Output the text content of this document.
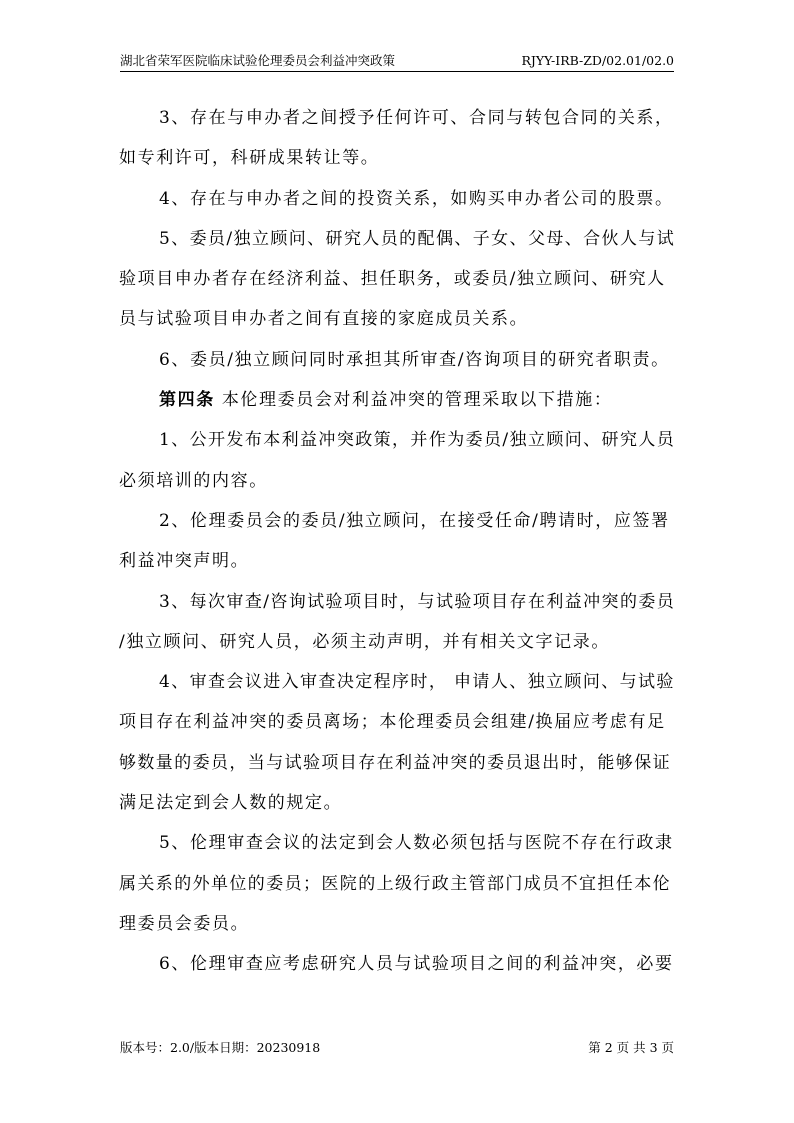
湖北省荣军医院临床试验伦理委员会利益冲突政策	RJYY-IRB-ZD/02.01/02.0
3、存在与申办者之间授予任何许可、合同与转包合同的关系，
如专利许可，科研成果转让等。
4、存在与申办者之间的投资关系，如购买申办者公司的股票。
5、委员/独立顾问、研究人员的配偶、子女、父母、合伙人与试
验项目申办者存在经济利益、担任职务，或委员/独立顾问、研究人
员与试验项目申办者之间有直接的家庭成员关系。
6、委员/独立顾问同时承担其所审查/咨询项目的研究者职责。
第四条 本伦理委员会对利益冲突的管理采取以下措施：
1、公开发布本利益冲突政策，并作为委员/独立顾问、研究人员
必须培训的内容。
2、伦理委员会的委员/独立顾问，在接受任命/聘请时，应签署
利益冲突声明。
3、每次审查/咨询试验项目时，与试验项目存在利益冲突的委员
/独立顾问、研究人员，必须主动声明，并有相关文字记录。
4、审查会议进入审查决定程序时， 申请人、独立顾问、与试验
项目存在利益冲突的委员离场；本伦理委员会组建/换届应考虑有足
够数量的委员，当与试验项目存在利益冲突的委员退出时，能够保证
满足法定到会人数的规定。
5、伦理审查会议的法定到会人数必须包括与医院不存在行政隶
属关系的外单位的委员；医院的上级行政主管部门成员不宜担任本伦
理委员会委员。
6、伦理审查应考虑研究人员与试验项目之间的利益冲突，必要
版本号：2.0/版本日期：20230918	第 2 页 共 3 页
